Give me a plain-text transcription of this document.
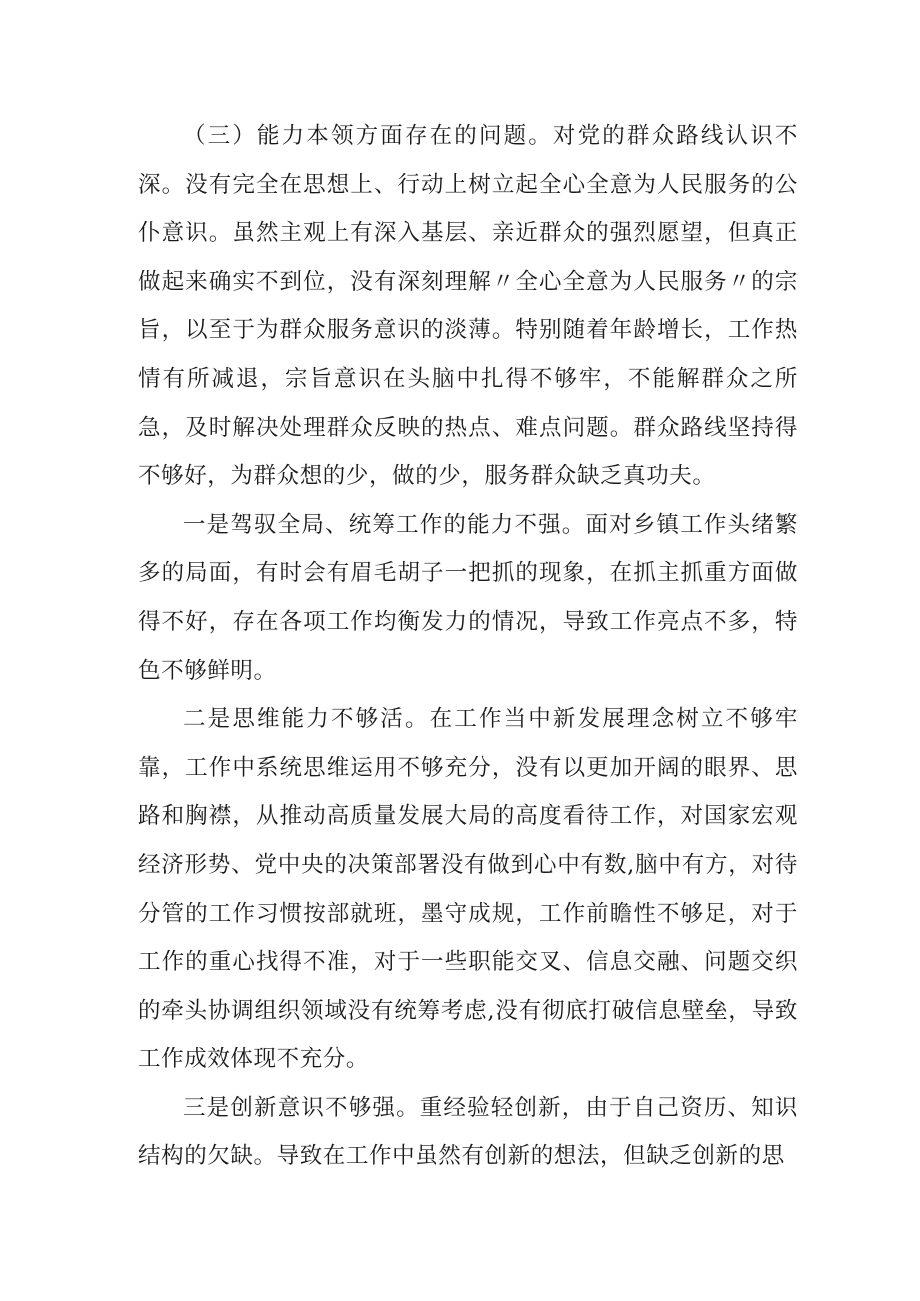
（三）能力本领方面存在的问题。对党的群众路线认识不深。没有完全在思想上、行动上树立起全心全意为人民服务的公仆意识。虽然主观上有深入基层、亲近群众的强烈愿望，但真正做起来确实不到位，没有深刻理解〃全心全意为人民服务〃的宗旨，以至于为群众服务意识的淡薄。特别随着年龄增长，工作热情有所减退，宗旨意识在头脑中扎得不够牢，不能解群众之所急，及时解决处理群众反映的热点、难点问题。群众路线坚持得不够好，为群众想的少，做的少，服务群众缺乏真功夫。

一是驾驭全局、统筹工作的能力不强。面对乡镇工作头绪繁多的局面，有时会有眉毛胡子一把抓的现象，在抓主抓重方面做得不好，存在各项工作均衡发力的情况，导致工作亮点不多，特色不够鲜明。

二是思维能力不够活。在工作当中新发展理念树立不够牢靠，工作中系统思维运用不够充分，没有以更加开阔的眼界、思路和胸襟，从推动高质量发展大局的高度看待工作，对国家宏观经济形势、党中央的决策部署没有做到心中有数,脑中有方，对待分管的工作习惯按部就班，墨守成规，工作前瞻性不够足，对于工作的重心找得不准，对于一些职能交叉、信息交融、问题交织的牵头协调组织领域没有统筹考虑,没有彻底打破信息壁垒，导致工作成效体现不充分。

三是创新意识不够强。重经验轻创新，由于自己资历、知识结构的欠缺。导致在工作中虽然有创新的想法，但缺乏创新的思
